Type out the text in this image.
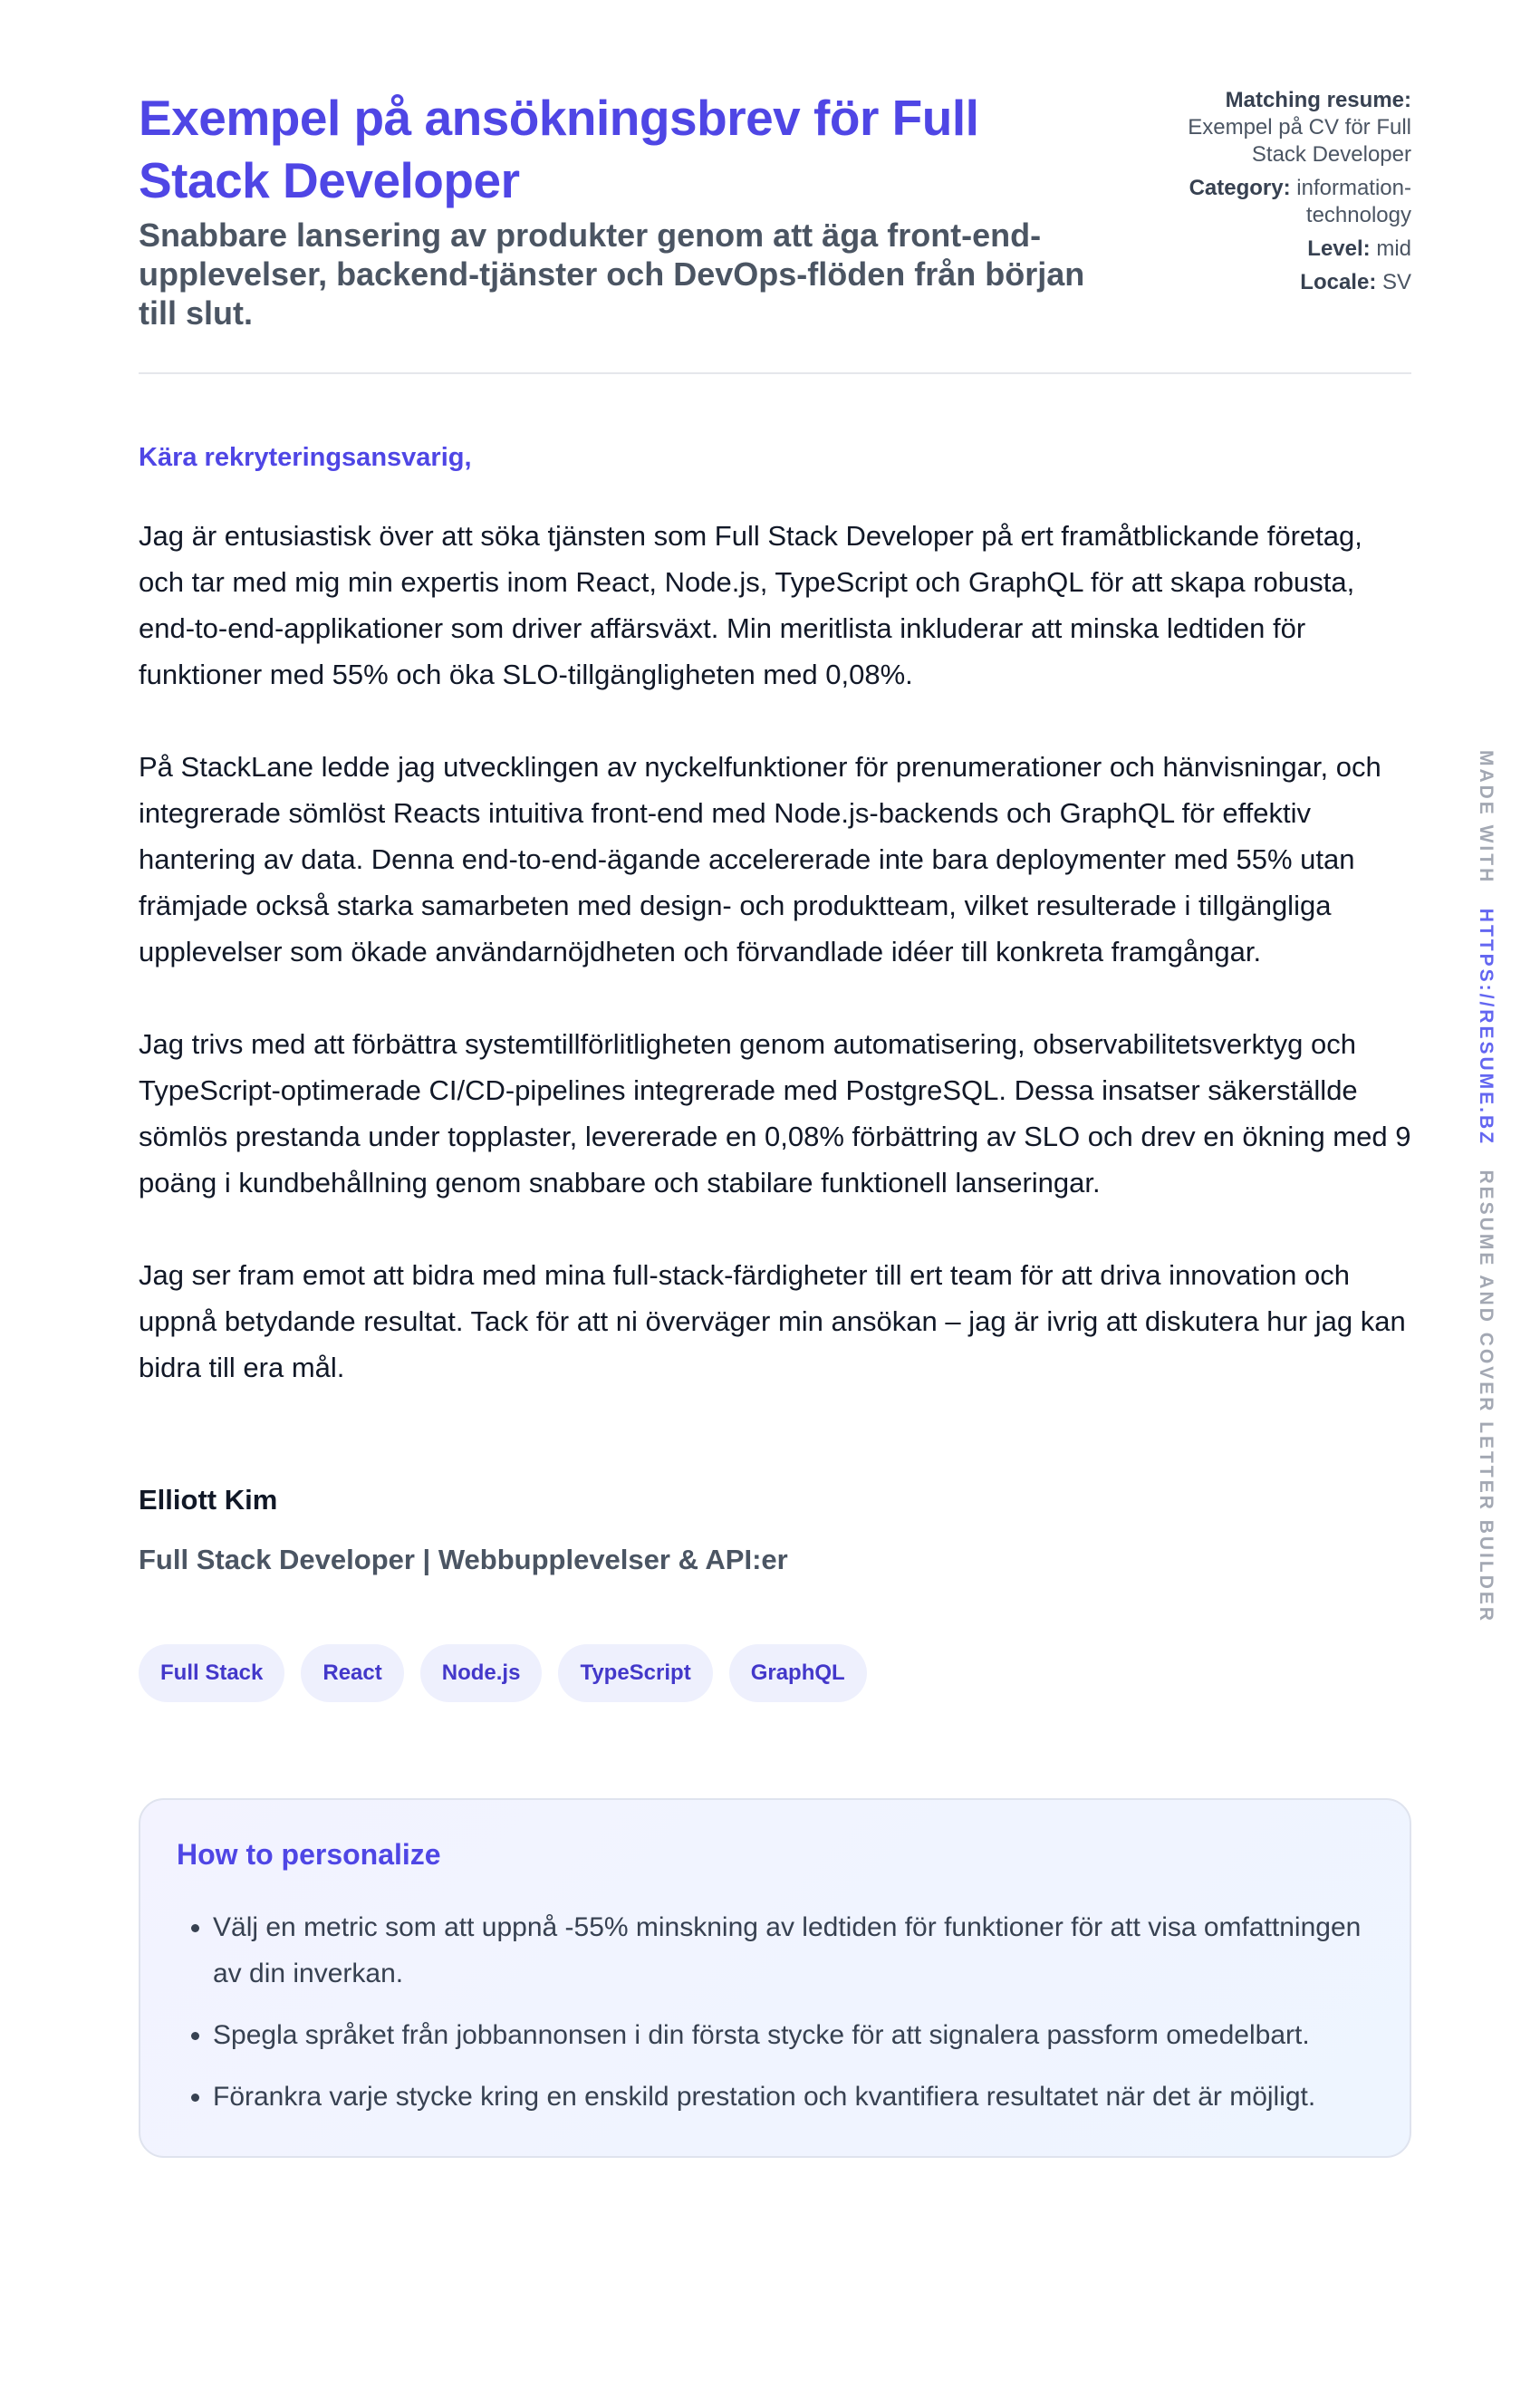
Exempel på ansökningsbrev för Full Stack Developer

Snabbare lansering av produkter genom att äga front-end-upplevelser, backend-tjänster och DevOps-flöden från början till slut.

Matching resume:
Exempel på CV för Full Stack Developer
Category: information-technology
Level: mid
Locale: SV

Kära rekryteringsansvarig,

Jag är entusiastisk över att söka tjänsten som Full Stack Developer på ert framåtblickande företag, och tar med mig min expertis inom React, Node.js, TypeScript och GraphQL för att skapa robusta, end-to-end-applikationer som driver affärsväxt. Min meritlista inkluderar att minska ledtiden för funktioner med 55% och öka SLO-tillgängligheten med 0,08%.

På StackLane ledde jag utvecklingen av nyckelfunktioner för prenumerationer och hänvisningar, och integrerade sömlöst Reacts intuitiva front-end med Node.js-backends och GraphQL för effektiv hantering av data. Denna end-to-end-ägande accelererade inte bara deploymenter med 55% utan främjade också starka samarbeten med design- och produktteam, vilket resulterade i tillgängliga upplevelser som ökade användarnöjdheten och förvandlade idéer till konkreta framgångar.

Jag trivs med att förbättra systemtillförlitligheten genom automatisering, observabilitetsverktyg och TypeScript-optimerade CI/CD-pipelines integrerade med PostgreSQL. Dessa insatser säkerställde sömlös prestanda under topplaster, levererade en 0,08% förbättring av SLO och drev en ökning med 9 poäng i kundbehållning genom snabbare och stabilare funktionell lanseringar.

Jag ser fram emot att bidra med mina full-stack-färdigheter till ert team för att driva innovation och uppnå betydande resultat. Tack för att ni överväger min ansökan – jag är ivrig att diskutera hur jag kan bidra till era mål.

Elliott Kim

Full Stack Developer | Webbupplevelser & API:er

Full Stack	React	Node.js	TypeScript	GraphQL
How to personalize
• Välj en metric som att uppnå -55% minskning av ledtiden för funktioner för att visa omfattningen av din inverkan.
• Spegla språket från jobbannonsen i din första stycke för att signalera passform omedelbart.
• Förankra varje stycke kring en enskild prestation och kvantifiera resultatet när det är möjligt.
MADE WITH   HTTPS://RESUME.BZ   RESUME AND COVER LETTER BUILDER
